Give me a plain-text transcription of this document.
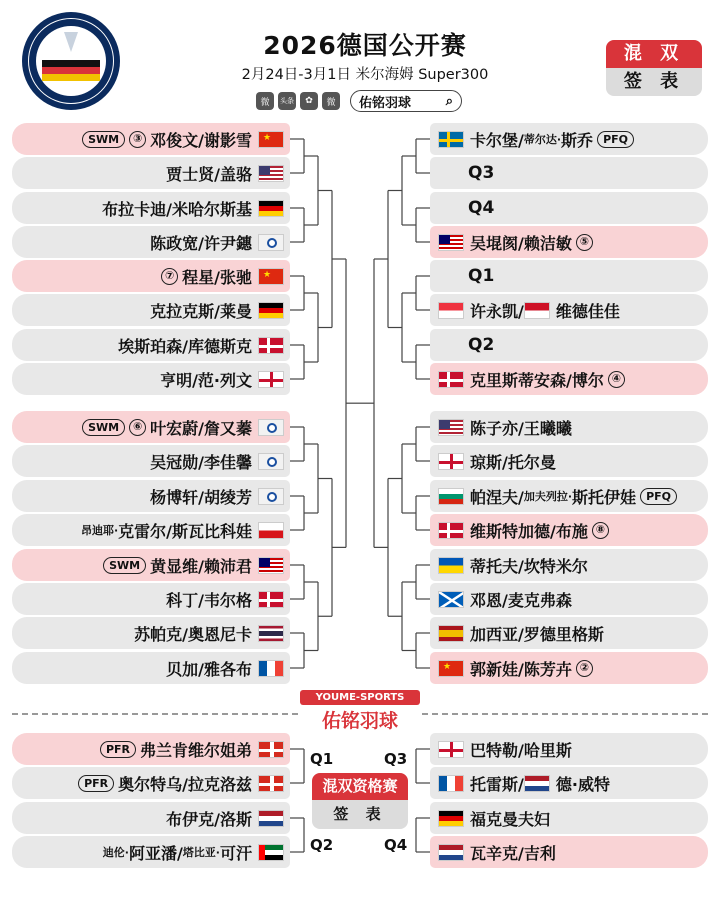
2026德国公开赛
2月24日-3月1日 米尔海姆 Super300
微	头条	✿	微	佑铭羽球	⌕
混 双
签 表
SWM	③ 邓俊文/谢影雪 ★
贾士贤/盖骆
布拉卡迪/米哈尔斯基
陈政宽/许尹鏸
⑦ 程星/张驰 ★
克拉克斯/莱曼
埃斯珀森/库德斯克
亨明/范·列文
SWM	⑥ 叶宏蔚/詹又蓁
吴冠勋/李佳馨
杨博轩/胡绫芳
昂迪耶· 克雷尔/斯瓦比科娃
SWM 黄显维/赖沛君
科丁/韦尔格
苏帕克/奥恩尼卡
贝加/雅各布
卡尔堡/ 蒂尔达· 斯乔 PFQ
Q3
Q4
吴堒阂/赖洁敏 ⑤
Q1
许永凯/ 维德佳佳
Q2
克里斯蒂安森/博尔 ④
陈子亦/王曦曦
琼斯/托尔曼
帕涅夫/ 加夫列拉· 斯托伊娃 PFQ
维斯特加德/布施 ⑧
蒂托夫/坎特米尔
邓恩/麦克弗森
加西亚/罗德里格斯
★ 郭新娃/陈芳卉 ②
PFR 弗兰肯维尔姐弟
PFR 奥尔特乌/拉克洛兹
布伊克/洛斯
迪伦· 阿亚潘/ 塔比亚· 可汗
巴特勒/哈里斯
托雷斯/ 德·威特
福克曼夫妇
瓦辛克/吉利
YOUME-SPORTS
佑铭羽球
混双资格赛
签 表
Q1
Q2
Q3
Q4
